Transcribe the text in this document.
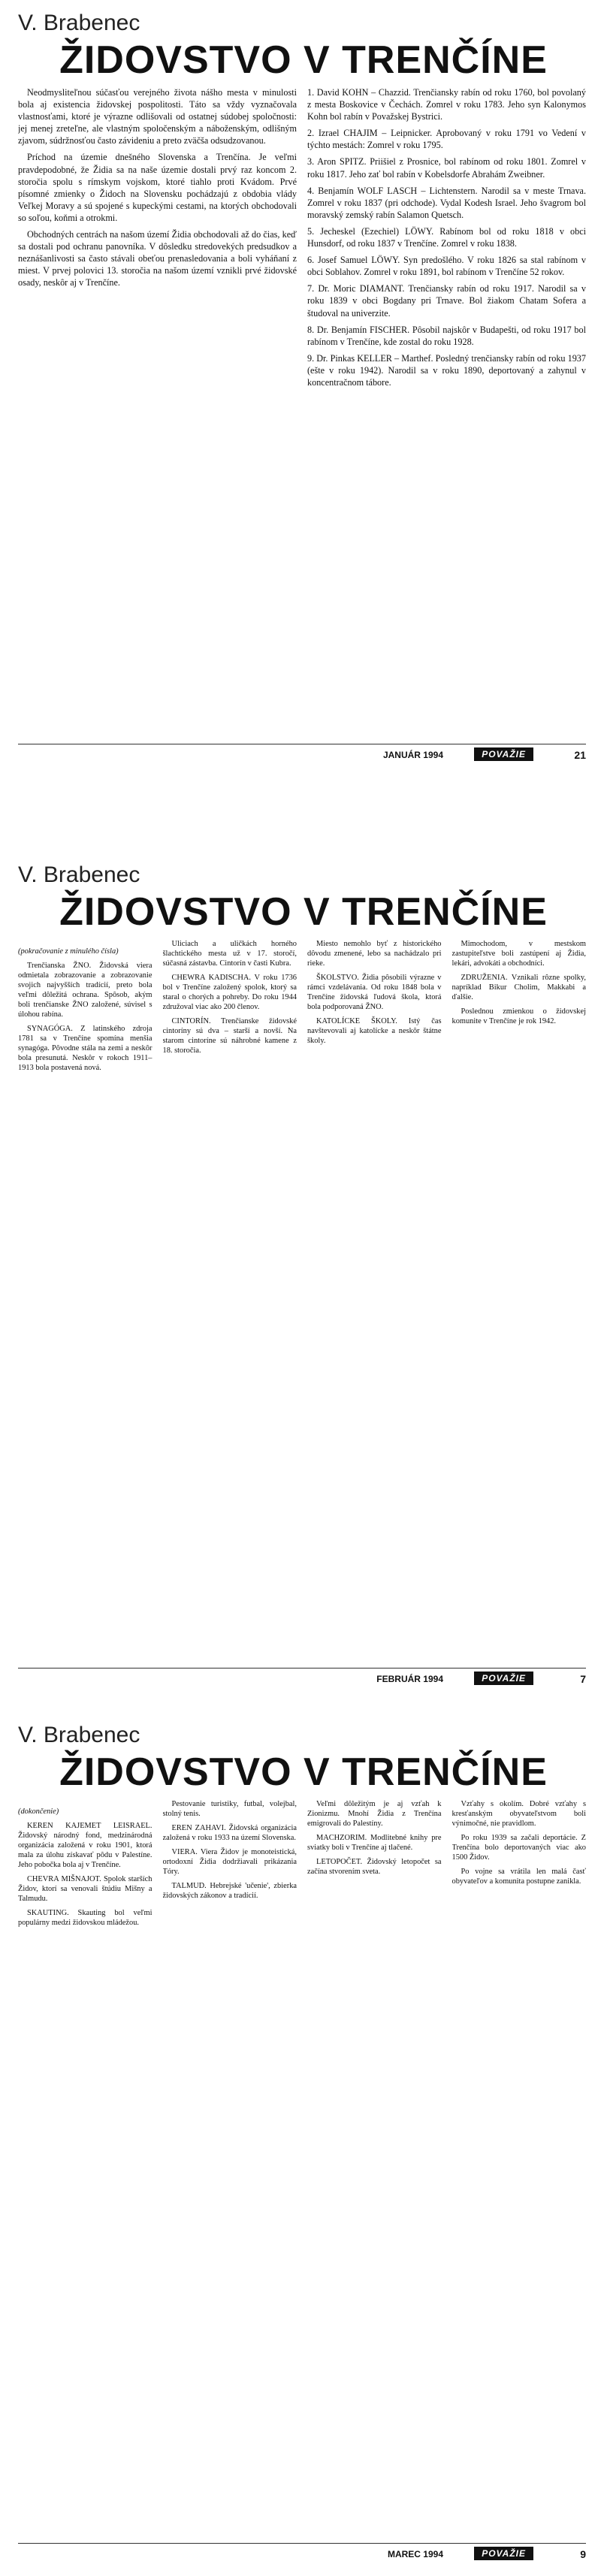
V. Brabenec
ŽIDOVSTVO V TRENČÍNE

Neodmysliteľnou súčasťou verejného života nášho mesta v minulosti bola aj existencia židovskej pospolitosti. Táto sa vždy vyznačovala vlastnosťami, ktoré je výrazne odlišovali od ostatnej súdobej spoločnosti: jej menej zreteľne, ale vlastným spoločenským a náboženským, odlišným zjavom, súdržnosťou často závideniu a preto zväčša odsudzovanou.

Príchod na územie dnešného Slovenska a Trenčína. Je veľmi pravdepodobné, že Židia sa na naše územie dostali prvý raz koncom 2. storočia spolu s rímskym vojskom, ktoré tiahlo proti Kvádom. Prvé písomné zmienky o Židoch na Slovensku pochádzajú z obdobia vlády Veľkej Moravy a sú spojené s kupeckými cestami, na ktorých obchodovali so soľou, koňmi a otrokmi.

Obchodných centrách na našom území Židia obchodovali až do čias, keď sa dostali pod ochranu panovníka. V dôsledku stredovekých predsudkov a neznášanlivosti sa často stávali obeťou prenasledovania a boli vyháňaní z miest. V prvej polovici 13. storočia na našom území vznikli prvé židovské osady, neskôr aj v Trenčíne.

1. David KOHN – Chazzid. Trenčiansky rabín od roku 1760, bol povolaný z mesta Boskovice v Čechách. Zomrel v roku 1783. Jeho syn Kalonymos Kohn bol rabín v Považskej Bystrici.

2. Izrael CHAJIM – Leipnicker. Aprobovaný v roku 1791 vo Vedení v týchto mestách: Zomrel v roku 1795.

3. Aron SPITZ. Priišiel z Prosnice, bol rabínom od roku 1801. Zomrel v roku 1817. Jeho zať bol rabín v Kobelsdorfe Abrahám Zweibner.

4. Benjamín WOLF LASCH – Lichtenstern. Narodil sa v meste Trnava. Zomrel v roku 1837 (pri odchode). Vydal Kodesh Israel. Jeho švagrom bol moravský zemský rabín Salamon Quetsch.

5. Jecheskel (Ezechiel) LÖWY. Rabínom bol od roku 1818 v obci Hunsdorf, od roku 1837 v Trenčíne. Zomrel v roku 1838.

6. Josef Samuel LÖWY. Syn predošlého. V roku 1826 sa stal rabínom v obci Soblahov. Zomrel v roku 1891, bol rabínom v Trenčíne 52 rokov.

7. Dr. Moric DIAMANT. Trenčiansky rabín od roku 1917. Narodil sa v roku 1839 v obci Bogdany pri Trnave. Bol žiakom Chatam Sofera a študoval na univerzite.

8. Dr. Benjamín FISCHER. Pôsobil najskôr v Budapešti, od roku 1917 bol rabínom v Trenčíne, kde zostal do roku 1928.

9. Dr. Pinkas KELLER – Marthef. Posledný trenčiansky rabín od roku 1937 (ešte v roku 1942). Narodil sa v roku 1890, deportovaný a zahynul v koncentračnom tábore.

JANUÁR 1994	POVAŽIE	21
V. Brabenec
ŽIDOVSTVO V TRENČÍNE

(pokračovanie z minulého čísla)

Trenčianska ŽNO. Židovská viera odmietala zobrazovanie a zobrazovanie svojich najvyšších tradícií, preto bola veľmi dôležitá ochrana. Spôsob, akým boli trenčianske ŽNO založené, súvisel s úlohou rabína.

SYNAGÓGA. Z latinského zdroja 1781 sa v Trenčíne spomína menšia synagóga. Pôvodne stála na zemi a neskôr bola presunutá. Neskôr v rokoch 1911–1913 bola postavená nová.

Uliciach a uličkách horného šlachtického mesta už v 17. storočí, súčasná zástavba. Cintorín v časti Kubra.

CHEWRA KADISCHA. V roku 1736 bol v Trenčíne založený spolok, ktorý sa staral o chorých a pohreby. Do roku 1944 združoval viac ako 200 členov.

CINTORÍN. Trenčianske židovské cintoríny sú dva – starší a novší. Na starom cintoríne sú náhrobné kamene z 18. storočia.

Miesto nemohlo byť z historického dôvodu zmenené, lebo sa nachádzalo pri rieke.

ŠKOLSTVO. Židia pôsobili výrazne v rámci vzdelávania. Od roku 1848 bola v Trenčíne židovská ľudová škola, ktorá bola podporovaná ŽNO.

KATOLÍCKE ŠKOLY. Istý čas navštevovali aj katolícke a neskôr štátne školy.

Mimochodom, v mestskom zastupiteľstve boli zastúpení aj Židia, lekári, advokáti a obchodníci.

ZDRUŽENIA. Vznikali rôzne spolky, napríklad Bikur Cholim, Makkabi a ďalšie.

Poslednou zmienkou o židovskej komunite v Trenčíne je rok 1942.

FEBRUÁR 1994	POVAŽIE	7
V. Brabenec
ŽIDOVSTVO V TRENČÍNE

(dokončenie)

KEREN KAJEMET LEISRAEL. Židovský národný fond, medzinárodná organizácia založená v roku 1901, ktorá mala za úlohu získavať pôdu v Palestíne. Jeho pobočka bola aj v Trenčíne.

CHEVRA MIŠNAJOT. Spolok starších Židov, ktorí sa venovali štúdiu Mišny a Talmudu.

SKAUTING. Skauting bol veľmi populárny medzi židovskou mládežou.

Pestovanie turistiky, futbal, volejbal, stolný tenis.

EREN ZAHAVI. Židovská organizácia založená v roku 1933 na území Slovenska.

VIERA. Viera Židov je monoteistická, ortodoxní Židia dodržiavali prikázania Tóry.

TALMUD. Hebrejské 'učenie', zbierka židovských zákonov a tradícií.

Veľmi dôležitým je aj vzťah k Zionizmu. Mnohí Židia z Trenčína emigrovali do Palestíny.

MACHZORIM. Modlitebné knihy pre sviatky boli v Trenčíne aj tlačené.

LETOPOČET. Židovský letopočet sa začína stvorením sveta.

Vzťahy s okolím. Dobré vzťahy s kresťanským obyvateľstvom boli výnimočné, nie pravidlom.

Po roku 1939 sa začali deportácie. Z Trenčína bolo deportovaných viac ako 1500 Židov.

Po vojne sa vrátila len malá časť obyvateľov a komunita postupne zanikla.

MAREC 1994	POVAŽIE	9
